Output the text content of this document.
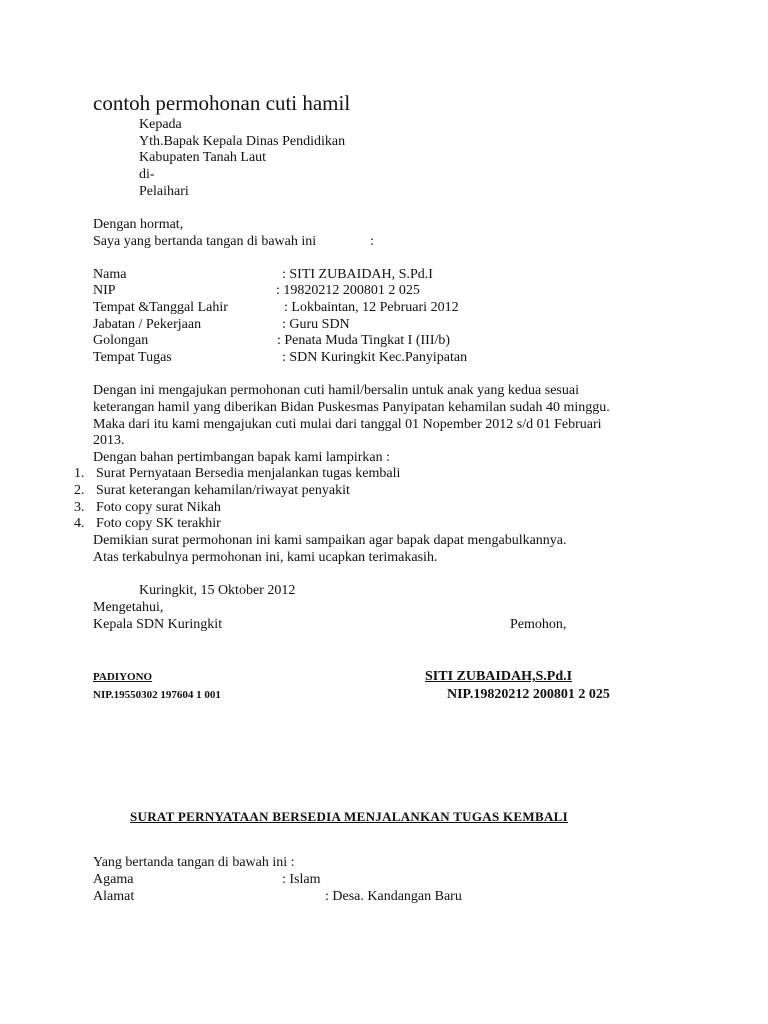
contoh permohonan cuti hamil
Kepada
Yth.Bapak Kepala Dinas Pendidikan
Kabupaten Tanah Laut
di-
Pelaihari
Dengan hormat,
Saya yang bertanda tangan di bawah ini	:
Nama	: SITI ZUBAIDAH, S.Pd.I
NIP	: 19820212 200801 2 025
Tempat &Tanggal Lahir	: Lokbaintan, 12 Pebruari 2012
Jabatan / Pekerjaan	: Guru SDN
Golongan	: Penata Muda Tingkat I (III/b)
Tempat Tugas	: SDN Kuringkit Kec.Panyipatan
Dengan ini mengajukan permohonan cuti hamil/bersalin untuk anak yang kedua sesuai
keterangan hamil yang diberikan Bidan Puskesmas Panyipatan kehamilan sudah 40 minggu.
Maka dari itu kami mengajukan cuti mulai dari tanggal 01 Nopember 2012 s/d 01 Februari
2013.
Dengan bahan pertimbangan bapak kami lampirkan :
1. Surat Pernyataan Bersedia menjalankan tugas kembali
2. Surat keterangan kehamilan/riwayat penyakit
3. Foto copy surat Nikah
4. Foto copy SK terakhir
Demikian surat permohonan ini kami sampaikan agar bapak dapat mengabulkannya.
Atas terkabulnya permohonan ini, kami ucapkan terimakasih.
Kuringkit, 15 Oktober 2012
Mengetahui,
Kepala SDN Kuringkit	Pemohon,
PADIYONO
NIP.19550302 197604 1 001
SITI ZUBAIDAH,S.Pd.I
NIP.19820212 200801 2 025
SURAT PERNYATAAN BERSEDIA MENJALANKAN TUGAS KEMBALI
Yang bertanda tangan di bawah ini :
Agama	: Islam
Alamat	: Desa. Kandangan Baru
